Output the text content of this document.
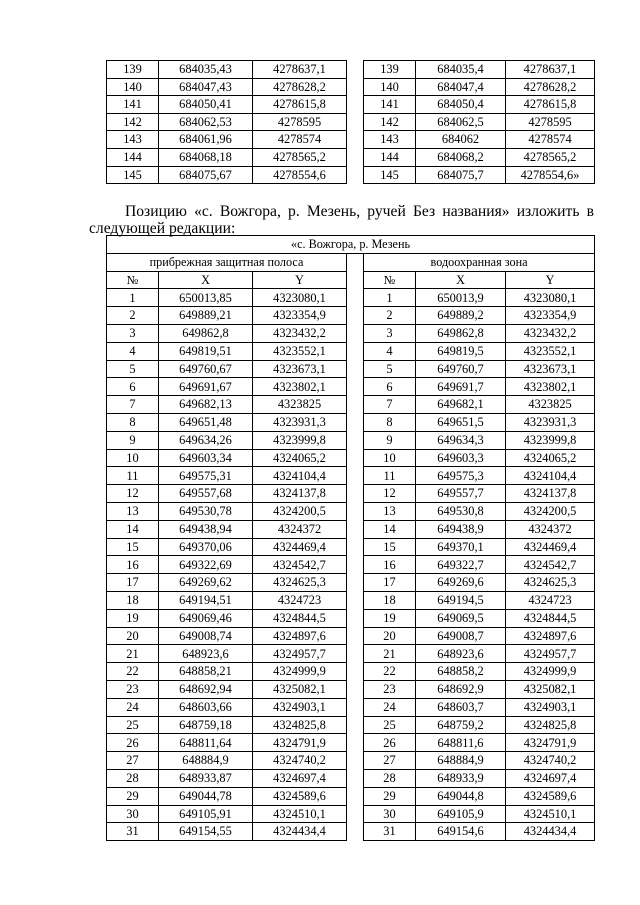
139	684035,43	4278637,1		139	684035,4	4278637,1
140	684047,43	4278628,2		140	684047,4	4278628,2
141	684050,41	4278615,8		141	684050,4	4278615,8
142	684062,53	4278595		142	684062,5	4278595
143	684061,96	4278574		143	684062	4278574
144	684068,18	4278565,2		144	684068,2	4278565,2
145	684075,67	4278554,6		145	684075,7	4278554,6»
Позицию «с. Вожгора, р. Мезень, ручей Без названия» изложить в
следующей редакции:
«с. Вожгора, р. Мезень						
прибрежная защитная полоса				водоохранная зона		
№	X	Y		№	X	Y
1	650013,85	4323080,1		1	650013,9	4323080,1
2	649889,21	4323354,9		2	649889,2	4323354,9
3	649862,8	4323432,2		3	649862,8	4323432,2
4	649819,51	4323552,1		4	649819,5	4323552,1
5	649760,67	4323673,1		5	649760,7	4323673,1
6	649691,67	4323802,1		6	649691,7	4323802,1
7	649682,13	4323825		7	649682,1	4323825
8	649651,48	4323931,3		8	649651,5	4323931,3
9	649634,26	4323999,8		9	649634,3	4323999,8
10	649603,34	4324065,2		10	649603,3	4324065,2
11	649575,31	4324104,4		11	649575,3	4324104,4
12	649557,68	4324137,8		12	649557,7	4324137,8
13	649530,78	4324200,5		13	649530,8	4324200,5
14	649438,94	4324372		14	649438,9	4324372
15	649370,06	4324469,4		15	649370,1	4324469,4
16	649322,69	4324542,7		16	649322,7	4324542,7
17	649269,62	4324625,3		17	649269,6	4324625,3
18	649194,51	4324723		18	649194,5	4324723
19	649069,46	4324844,5		19	649069,5	4324844,5
20	649008,74	4324897,6		20	649008,7	4324897,6
21	648923,6	4324957,7		21	648923,6	4324957,7
22	648858,21	4324999,9		22	648858,2	4324999,9
23	648692,94	4325082,1		23	648692,9	4325082,1
24	648603,66	4324903,1		24	648603,7	4324903,1
25	648759,18	4324825,8		25	648759,2	4324825,8
26	648811,64	4324791,9		26	648811,6	4324791,9
27	648884,9	4324740,2		27	648884,9	4324740,2
28	648933,87	4324697,4		28	648933,9	4324697,4
29	649044,78	4324589,6		29	649044,8	4324589,6
30	649105,91	4324510,1		30	649105,9	4324510,1
31	649154,55	4324434,4		31	649154,6	4324434,4
